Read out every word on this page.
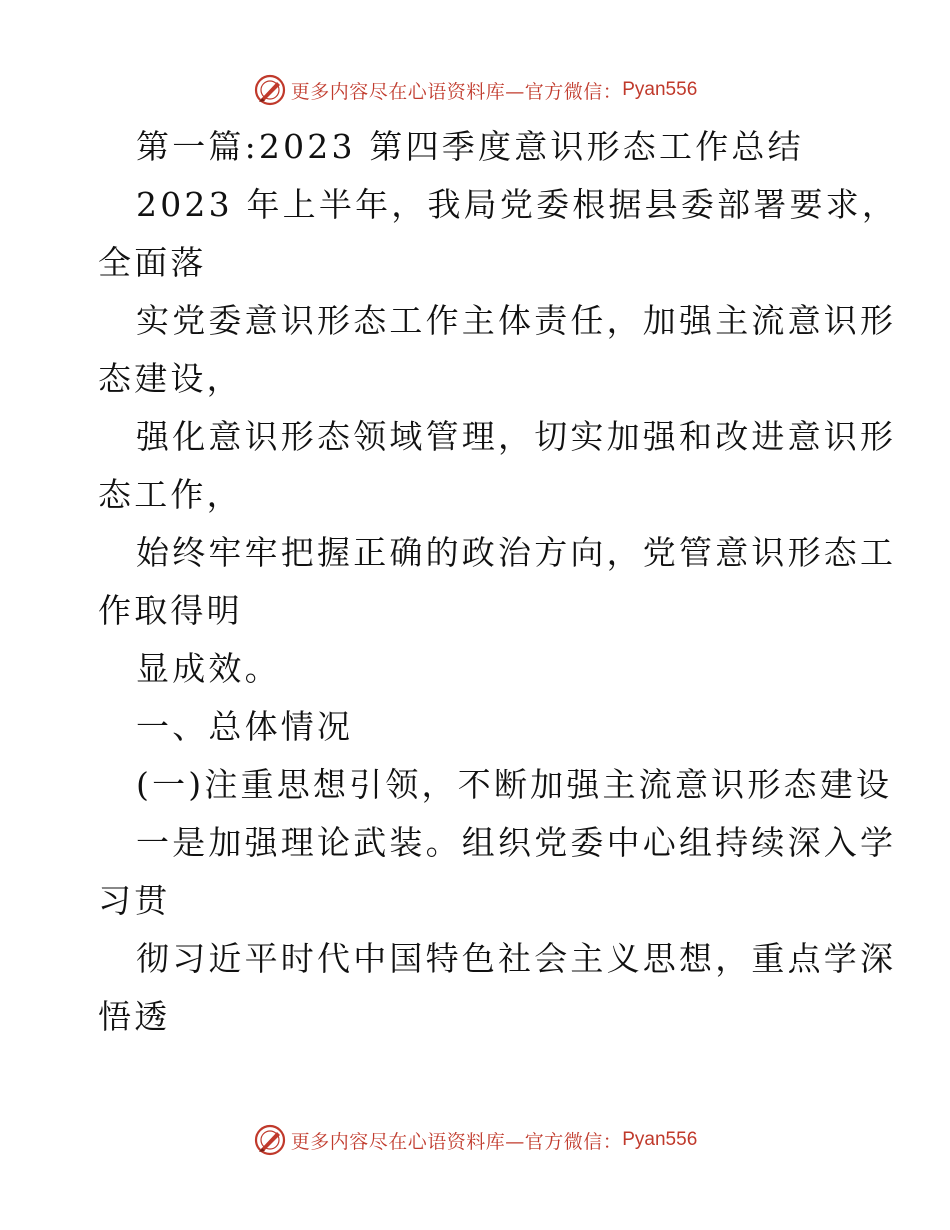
更多内容尽在心语资料库—官方微信： Pyan556
第一篇:2023 第四季度意识形态工作总结
2023 年上半年，我局党委根据县委部署要求，
全面落
实党委意识形态工作主体责任，加强主流意识形
态建设，
强化意识形态领域管理，切实加强和改进意识形
态工作，
始终牢牢把握正确的政治方向，党管意识形态工
作取得明
显成效。
一、总体情况
(一)注重思想引领，不断加强主流意识形态建设
一是加强理论武装。组织党委中心组持续深入学
习贯
彻习近平时代中国特色社会主义思想，重点学深
悟透
更多内容尽在心语资料库—官方微信： Pyan556
